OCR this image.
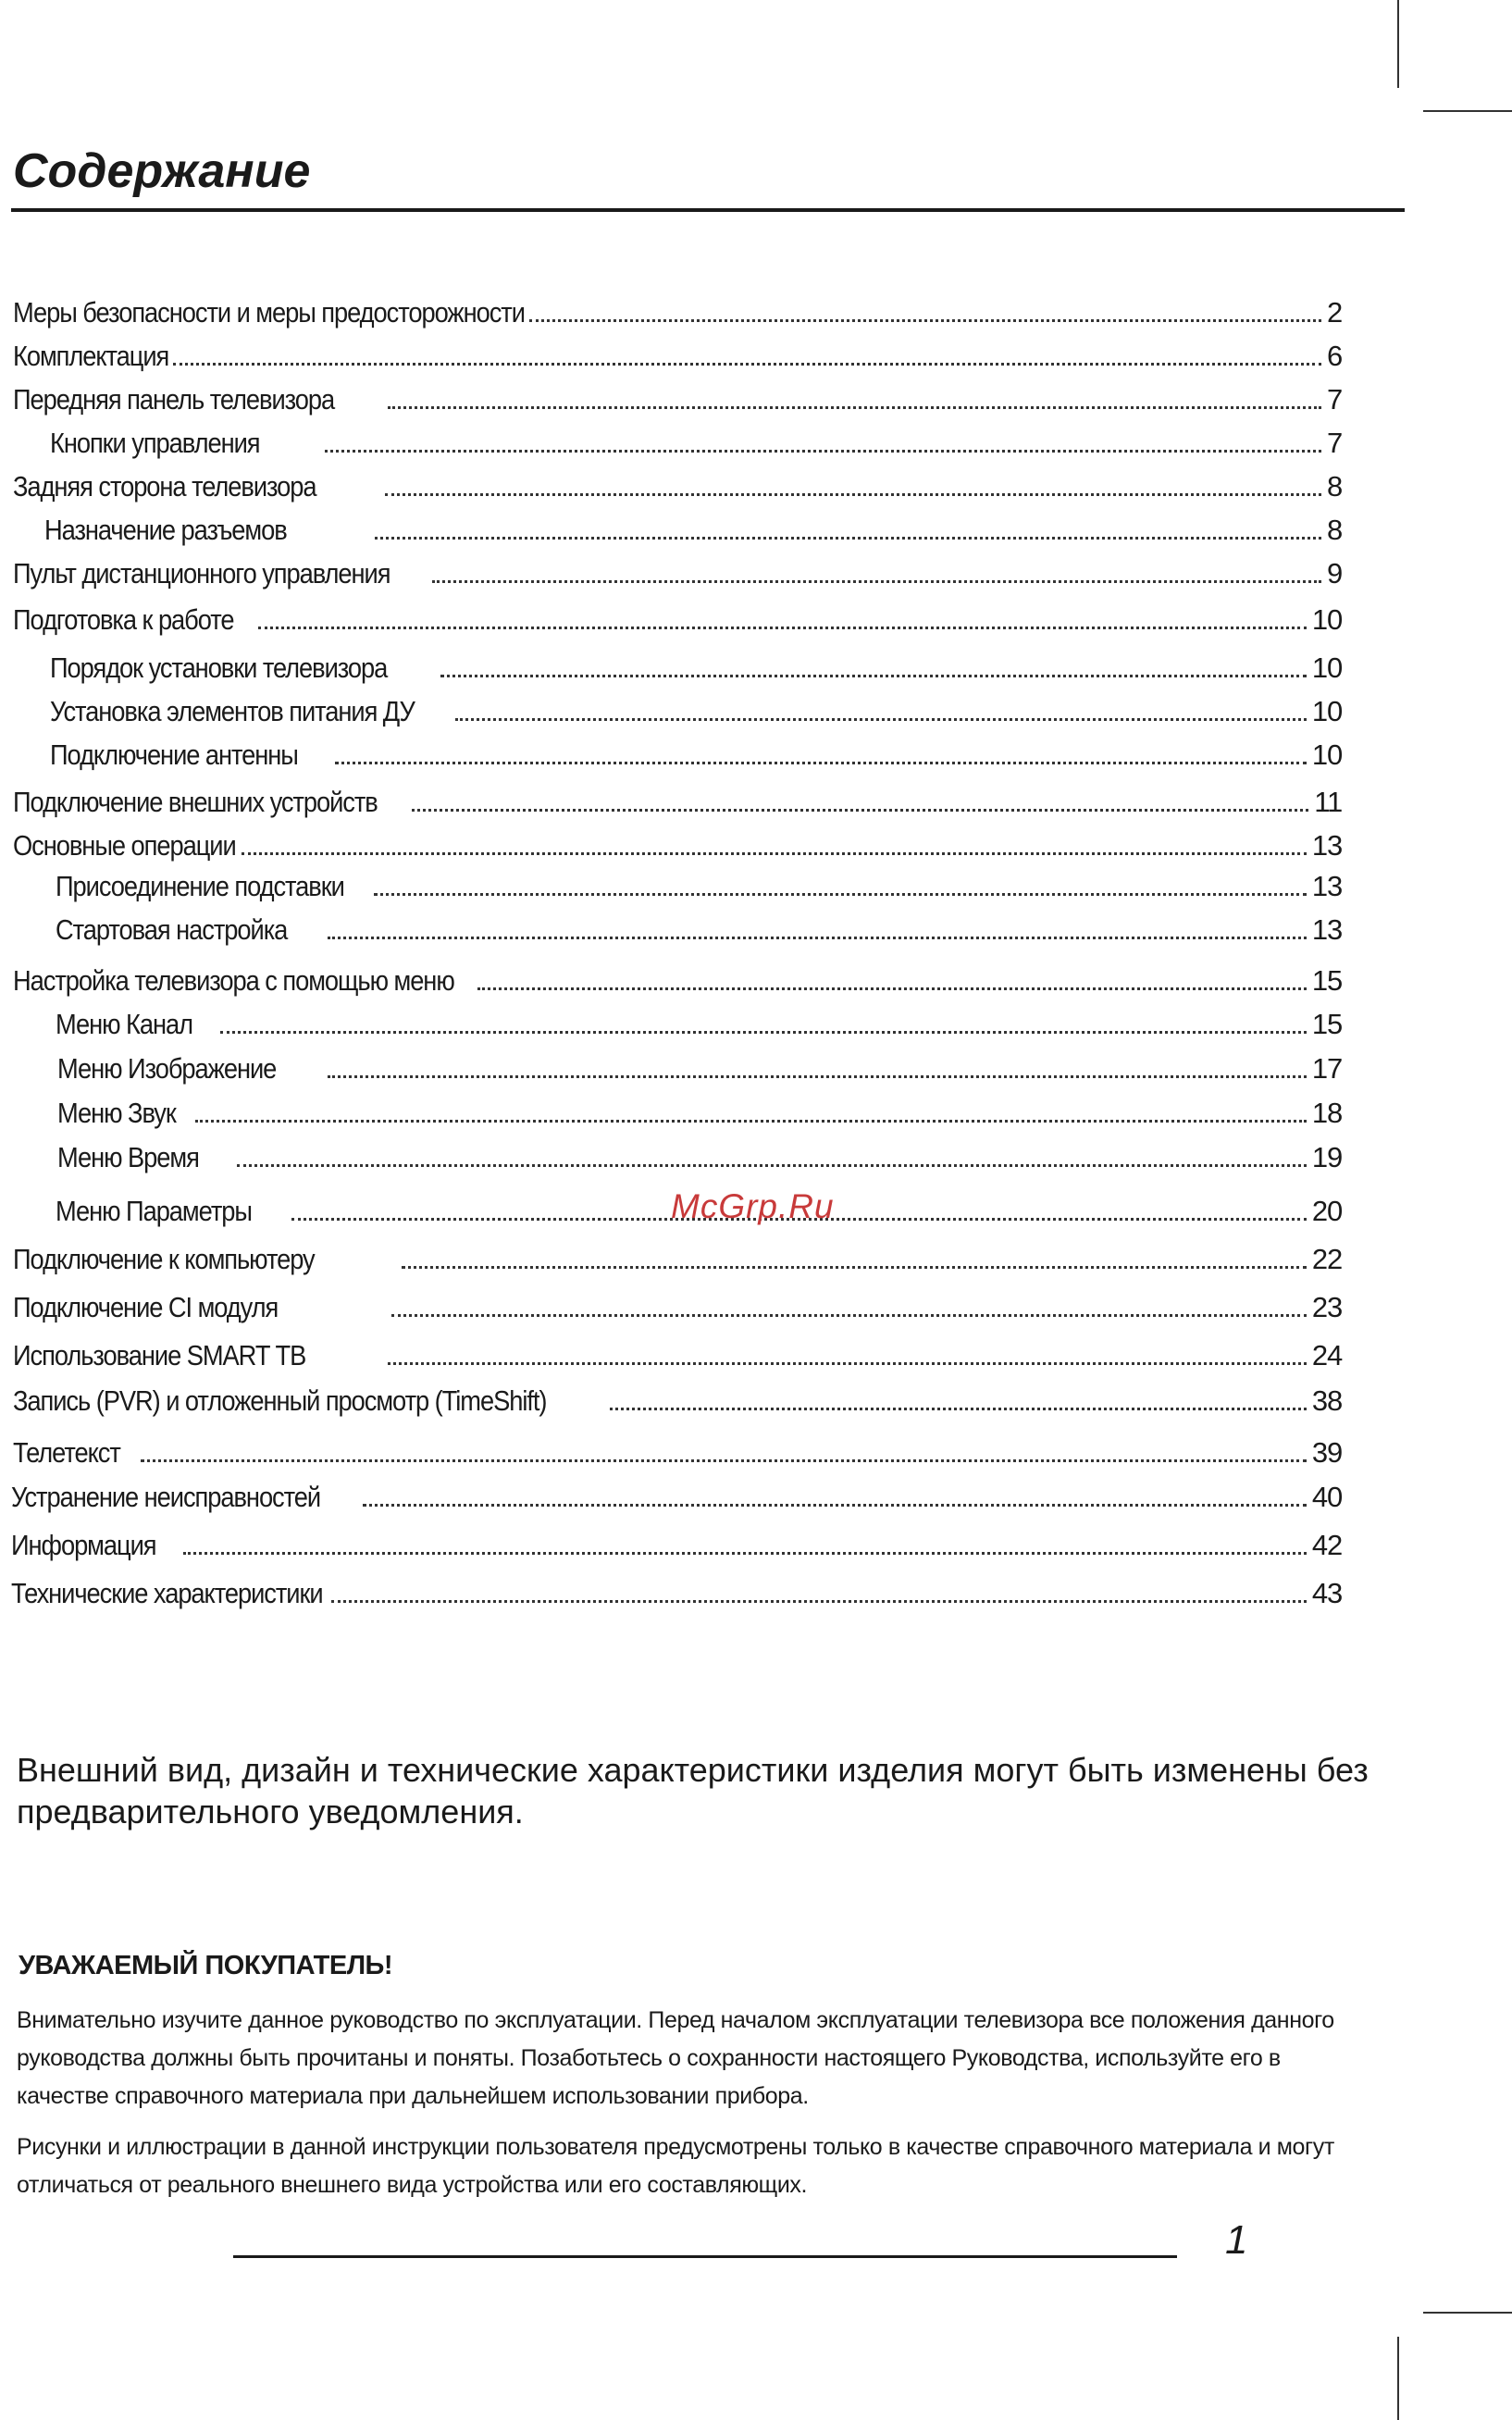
Содержание
Меры безопасности и меры предосторожности	2
Комплектация	6
Передняя панель телевизора	7
Кнопки управления	7
Задняя сторона телевизора	8
Назначение разъемов	8
Пульт дистанционного управления	9
Подготовка к работе	10
Порядок установки телевизора	10
Установка элементов питания ДУ	10
Подключение антенны	10
Подключение внешних устройств	11
Основные операции	13
Присоединение подставки	13
Стартовая настройка	13
Настройка телевизора с помощью меню	15
Меню Канал	15
Меню Изображение	17
Меню Звук	18
Меню Время	19
Меню Параметры	20
Подключение к компьютеру	22
Подключение CI модуля	23
Использование SMART ТВ	24
Запись (PVR) и отложенный просмотр (TimeShift)	38
Телетекст	39
Устранение неисправностей	40
Информация	42
Технические характеристики	43
McGrp.Ru

Внешний вид, дизайн и технические характеристики изделия могут быть изменены без предварительного уведомления.

УВАЖАЕМЫЙ ПОКУПАТЕЛЬ!

Внимательно изучите данное руководство по эксплуатации. Перед началом эксплуатации телевизора все положения данного руководства должны быть прочитаны и поняты. Позаботьтесь о сохранности настоящего Руководства, используйте его в качестве справочного материала при дальнейшем использовании прибора.

Рисунки и иллюстрации в данной инструкции пользователя предусмотрены только в качестве справочного материала и могут отличаться от реального внешнего вида устройства или его составляющих.

1
